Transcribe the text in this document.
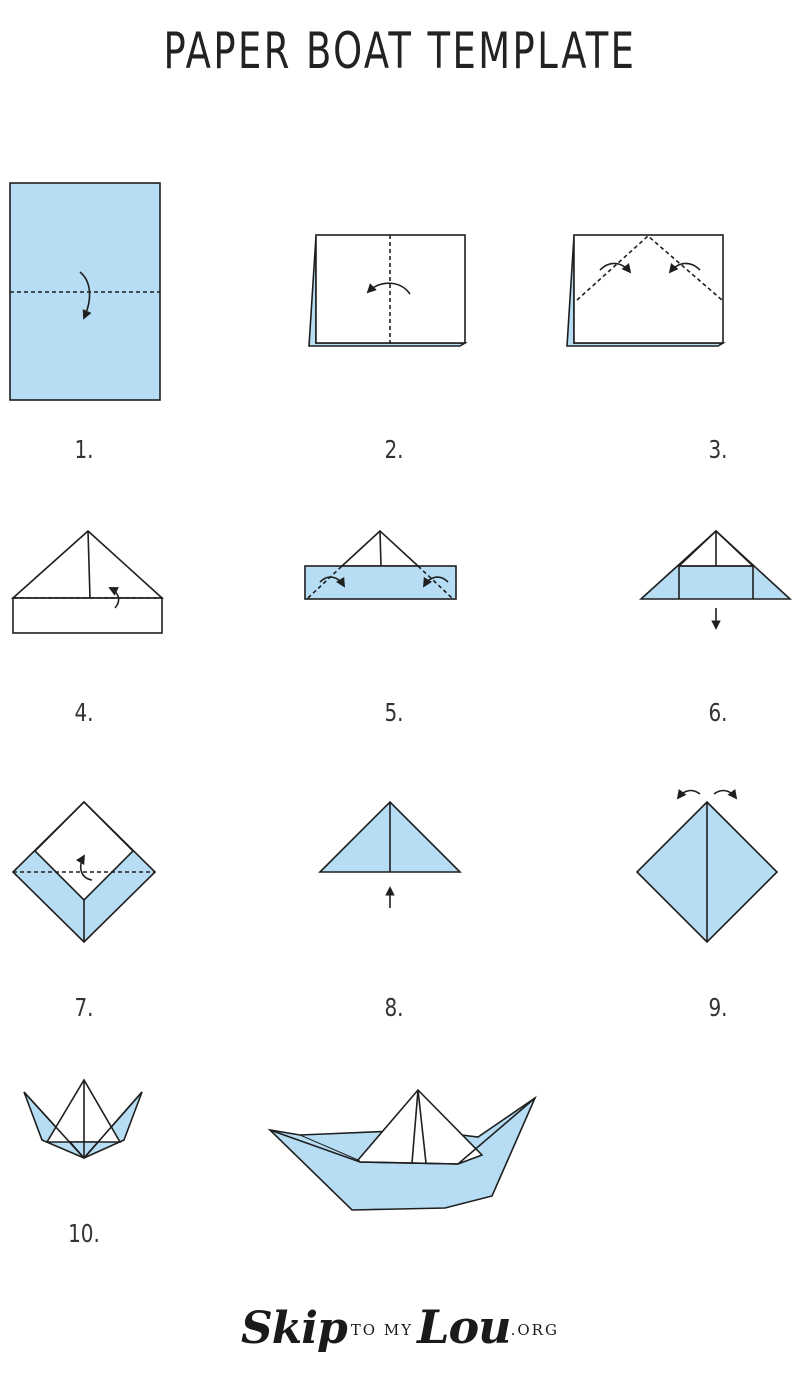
PAPER BOAT TEMPLATE
1.	2.	3.
4.	5.	6.
7.	8.	9.
10.
Skip TO MYLou.ORG
